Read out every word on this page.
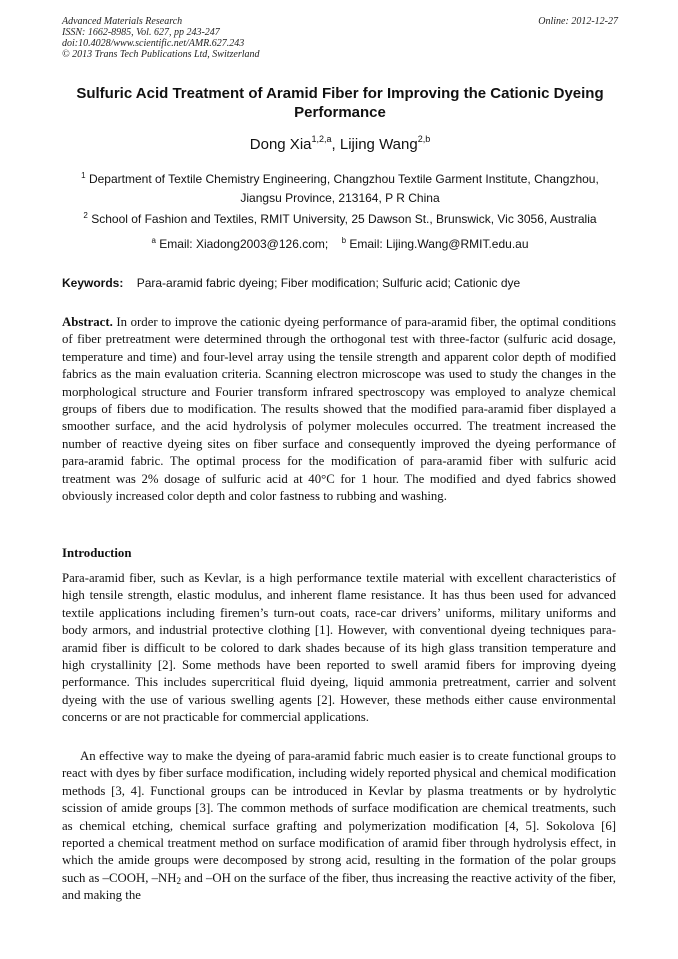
Advanced Materials Research
ISSN: 1662-8985, Vol. 627, pp 243-247
doi:10.4028/www.scientific.net/AMR.627.243
© 2013 Trans Tech Publications Ltd, Switzerland
Online: 2012-12-27
Sulfuric Acid Treatment of Aramid Fiber for Improving the Cationic Dyeing Performance
Dong Xia$^{1,2,a}$, Lijing Wang$^{2,b}$
$^1$ Department of Textile Chemistry Engineering, Changzhou Textile Garment Institute, Changzhou, Jiangsu Province, 213164, P R China
$^2$ School of Fashion and Textiles, RMIT University, 25 Dawson St., Brunswick, Vic 3056, Australia
$^a$ Email: Xiadong2003@126.com; $^b$ Email: Lijing.Wang@RMIT.edu.au
Keywords: Para-aramid fabric dyeing; Fiber modification; Sulfuric acid; Cationic dye
Abstract. In order to improve the cationic dyeing performance of para-aramid fiber, the optimal conditions of fiber pretreatment were determined through the orthogonal test with three-factor (sulfuric acid dosage, temperature and time) and four-level array using the tensile strength and apparent color depth of modified fabrics as the main evaluation criteria. Scanning electron microscope was used to study the changes in the morphological structure and Fourier transform infrared spectroscopy was employed to analyze chemical groups of fibers due to modification. The results showed that the modified para-aramid fiber displayed a smoother surface, and the acid hydrolysis of polymer molecules occurred. The treatment increased the number of reactive dyeing sites on fiber surface and consequently improved the dyeing performance of para-aramid fabric. The optimal process for the modification of para-aramid fiber with sulfuric acid treatment was 2% dosage of sulfuric acid at 40°C for 1 hour. The modified and dyed fabrics showed obviously increased color depth and color fastness to rubbing and washing.
Introduction
Para-aramid fiber, such as Kevlar, is a high performance textile material with excellent characteristics of high tensile strength, elastic modulus, and inherent flame resistance. It has thus been used for advanced textile applications including firemen’s turn-out coats, race-car drivers’ uniforms, military uniforms and body armors, and industrial protective clothing [1]. However, with conventional dyeing techniques para-aramid fiber is difficult to be colored to dark shades because of its high glass transition temperature and high crystallinity [2]. Some methods have been reported to swell aramid fibers for improving dyeing performance. This includes supercritical fluid dyeing, liquid ammonia pretreatment, carrier and solvent dyeing with the use of various swelling agents [2]. However, these methods either cause environmental concerns or are not practicable for commercial applications.
An effective way to make the dyeing of para-aramid fabric much easier is to create functional groups to react with dyes by fiber surface modification, including widely reported physical and chemical modification methods [3, 4]. Functional groups can be introduced in Kevlar by plasma treatments or by hydrolytic scission of amide groups [3]. The common methods of surface modification are chemical treatments, such as chemical etching, chemical surface grafting and polymerization modification [4, 5]. Sokolova [6] reported a chemical treatment method on surface modification of aramid fiber through hydrolysis effect, in which the amide groups were decomposed by strong acid, resulting in the formation of the polar groups such as –COOH, $-NH_2$ and –OH on the surface of the fiber, thus increasing the reactive activity of the fiber, and making the
